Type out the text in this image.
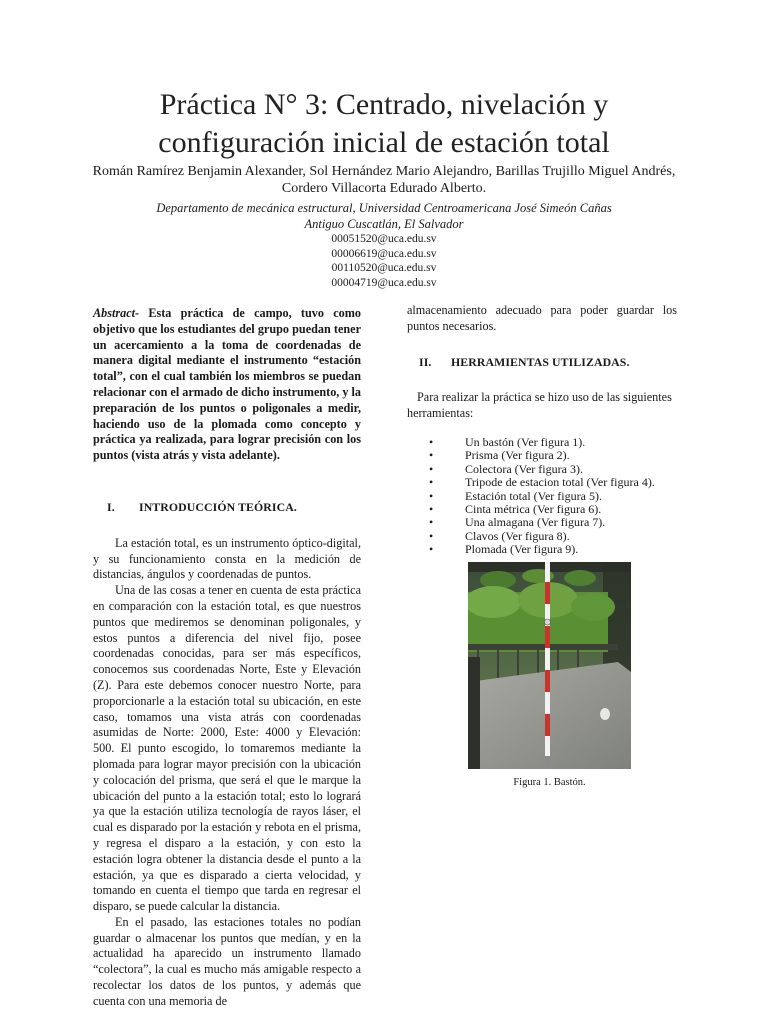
Práctica N° 3: Centrado, nivelación y
configuración inicial de estación total
Román Ramírez Benjamin Alexander, Sol Hernández Mario Alejandro, Barillas Trujillo Miguel Andrés, Cordero Villacorta Edurado Alberto.
Departamento de mecánica estructural, Universidad Centroamericana José Simeón Cañas
Antiguo Cuscatlán, El Salvador
00051520@uca.edu.sv
00006619@uca.edu.sv
00110520@uca.edu.sv
00004719@uca.edu.sv
Abstract- Esta práctica de campo, tuvo como objetivo que los estudiantes del grupo puedan tener un acercamiento a la toma de coordenadas de manera digital mediante el instrumento “estación total”, con el cual también los miembros se puedan relacionar con el armado de dicho instrumento, y la preparación de los puntos o poligonales a medir, haciendo uso de la plomada como concepto y práctica ya realizada, para lograr precisión con los puntos (vista atrás y vista adelante).
I. INTRODUCCIÓN TEÓRICA.

La estación total, es un instrumento óptico-digital, y su funcionamiento consta en la medición de distancias, ángulos y coordenadas de puntos.

Una de las cosas a tener en cuenta de esta práctica en comparación con la estación total, es que nuestros puntos que mediremos se denominan poligonales, y estos puntos a diferencia del nivel fijo, posee coordenadas conocidas, para ser más específicos, conocemos sus coordenadas Norte, Este y Elevación (Z). Para este debemos conocer nuestro Norte, para proporcionarle a la estación total su ubicación, en este caso, tomamos una vista atrás con coordenadas asumidas de Norte: 2000, Este: 4000 y Elevación: 500. El punto escogido, lo tomaremos mediante la plomada para lograr mayor precisión con la ubicación y colocación del prisma, que será el que le marque la ubicación del punto a la estación total; esto lo logrará ya que la estación utiliza tecnología de rayos láser, el cual es disparado por la estación y rebota en el prisma, y regresa el disparo a la estación, y con esto la estación logra obtener la distancia desde el punto a la estación, ya que es disparado a cierta velocidad, y tomando en cuenta el tiempo que tarda en regresar el disparo, se puede calcular la distancia.

En el pasado, las estaciones totales no podían guardar o almacenar los puntos que medían, y en la actualidad ha aparecido un instrumento llamado “colectora”, la cual es mucho más amigable respecto a recolectar los datos de los puntos, y además que cuenta con una memoria de

almacenamiento adecuado para poder guardar los puntos necesarios.

II. HERRAMIENTAS UTILIZADAS.

Para realizar la práctica se hizo uso de las siguientes herramientas:

• Un bastón (Ver figura 1).
• Prisma (Ver figura 2).
• Colectora (Ver figura 3).
• Tripode de estacion total (Ver figura 4).
• Estación total (Ver figura 5).
• Cinta métrica (Ver figura 6).
• Una almagana (Ver figura 7).
• Clavos (Ver figura 8).
• Plomada (Ver figura 9).
Figura 1. Bastón.
